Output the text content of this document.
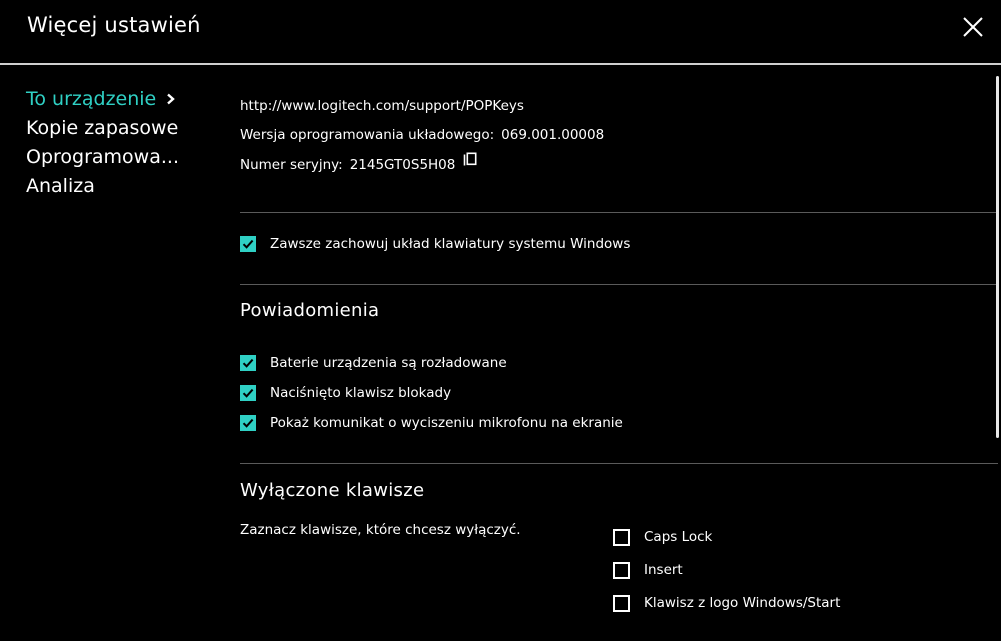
Więcej ustawień
To urządzenie
Kopie zapasowe
Oprogramowa...
Analiza
http://www.logitech.com/support/POPKeys
Wersja oprogramowania układowego: 069.001.00008
Numer seryjny: 2145GT0S5H08
Zawsze zachowuj układ klawiatury systemu Windows
Powiadomienia
Baterie urządzenia są rozładowane
Naciśnięto klawisz blokady
Pokaż komunikat o wyciszeniu mikrofonu na ekranie
Wyłączone klawisze
Zaznacz klawisze, które chcesz wyłączyć.	Caps Lock
Insert
Klawisz z logo Windows/Start
